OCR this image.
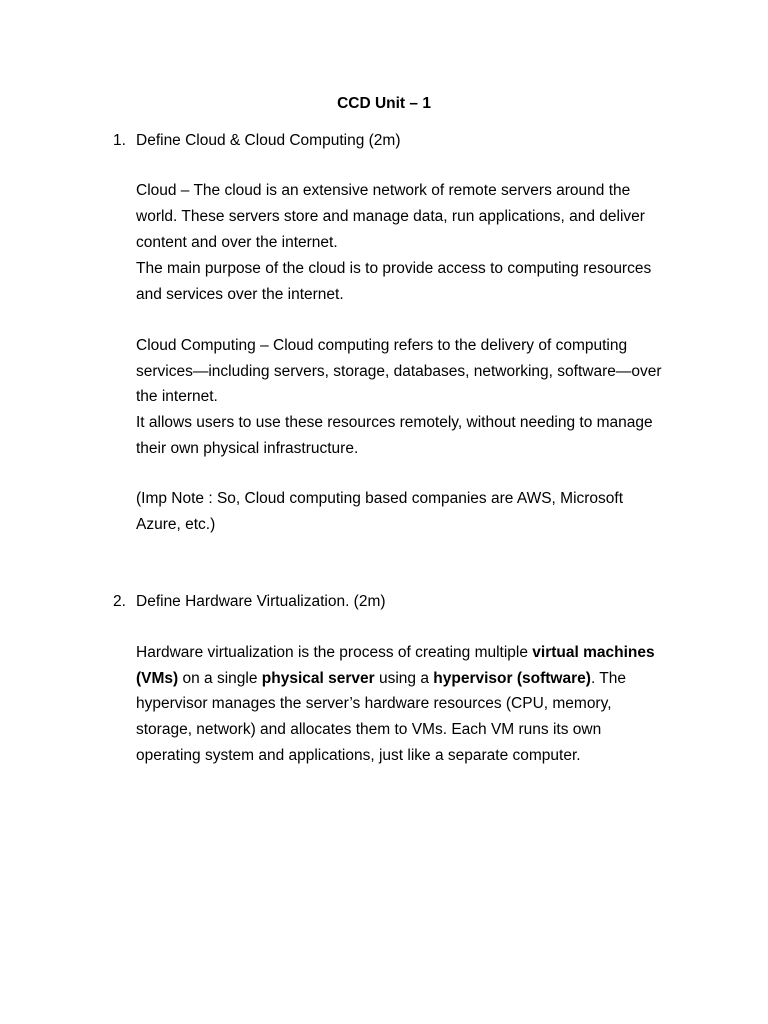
CCD Unit – 1
1. Define Cloud & Cloud Computing (2m)
Cloud – The cloud is an extensive network of remote servers around the
world. These servers store and manage data, run applications, and deliver
content and over the internet.
The main purpose of the cloud is to provide access to computing resources
and services over the internet.
Cloud Computing – Cloud computing refers to the delivery of computing
services—including servers, storage, databases, networking, software—over
the internet.
It allows users to use these resources remotely, without needing to manage
their own physical infrastructure.
(Imp Note : So, Cloud computing based companies are AWS, Microsoft
Azure, etc.)
2. Define Hardware Virtualization. (2m)
Hardware virtualization is the process of creating multiple virtual machines
(VMs) on a single physical server using a hypervisor (software). The
hypervisor manages the server’s hardware resources (CPU, memory,
storage, network) and allocates them to VMs. Each VM runs its own
operating system and applications, just like a separate computer.
